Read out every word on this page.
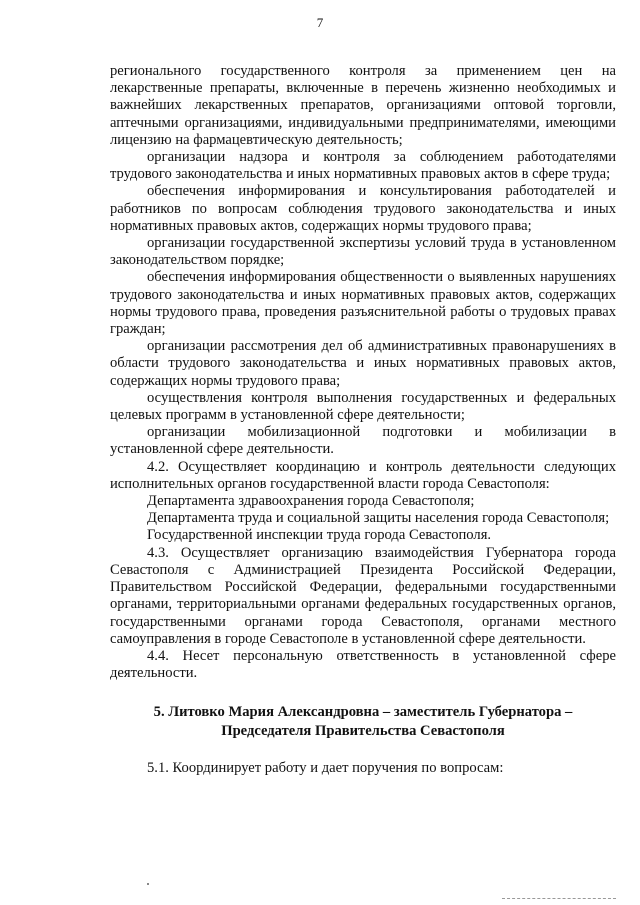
7

регионального государственного контроля за применением цен на лекарственные препараты, включенные в перечень жизненно необходимых и важнейших лекарственных препаратов, организациями оптовой торговли, аптечными организациями, индивидуальными предпринимателями, имеющими лицензию на фармацевтическую деятельность;

организации надзора и контроля за соблюдением работодателями трудового законодательства и иных нормативных правовых актов в сфере труда;

обеспечения информирования и консультирования работодателей и работников по вопросам соблюдения трудового законодательства и иных нормативных правовых актов, содержащих нормы трудового права;

организации государственной экспертизы условий труда в установленном законодательством порядке;

обеспечения информирования общественности о выявленных нарушениях трудового законодательства и иных нормативных правовых актов, содержащих нормы трудового права, проведения разъяснительной работы о трудовых правах граждан;

организации рассмотрения дел об административных правонарушениях в области трудового законодательства и иных нормативных правовых актов, содержащих нормы трудового права;

осуществления контроля выполнения государственных и федеральных целевых программ в установленной сфере деятельности;

организации мобилизационной подготовки и мобилизации в установленной сфере деятельности.

4.2. Осуществляет координацию и контроль деятельности следующих исполнительных органов государственной власти города Севастополя:

Департамента здравоохранения города Севастополя;

Департамента труда и социальной защиты населения города Севастополя;

Государственной инспекции труда города Севастополя.

4.3. Осуществляет организацию взаимодействия Губернатора города Севастополя с Администрацией Президента Российской Федерации, Правительством Российской Федерации, федеральными государственными органами, территориальными органами федеральных государственных органов, государственными органами города Севастополя, органами местного самоуправления в городе Севастополе в установленной сфере деятельности.

4.4. Несет персональную ответственность в установленной сфере деятельности.

5. Литовко Мария Александровна – заместитель Губернатора –
Председателя Правительства Севастополя

5.1. Координирует работу и дает поручения по вопросам:
